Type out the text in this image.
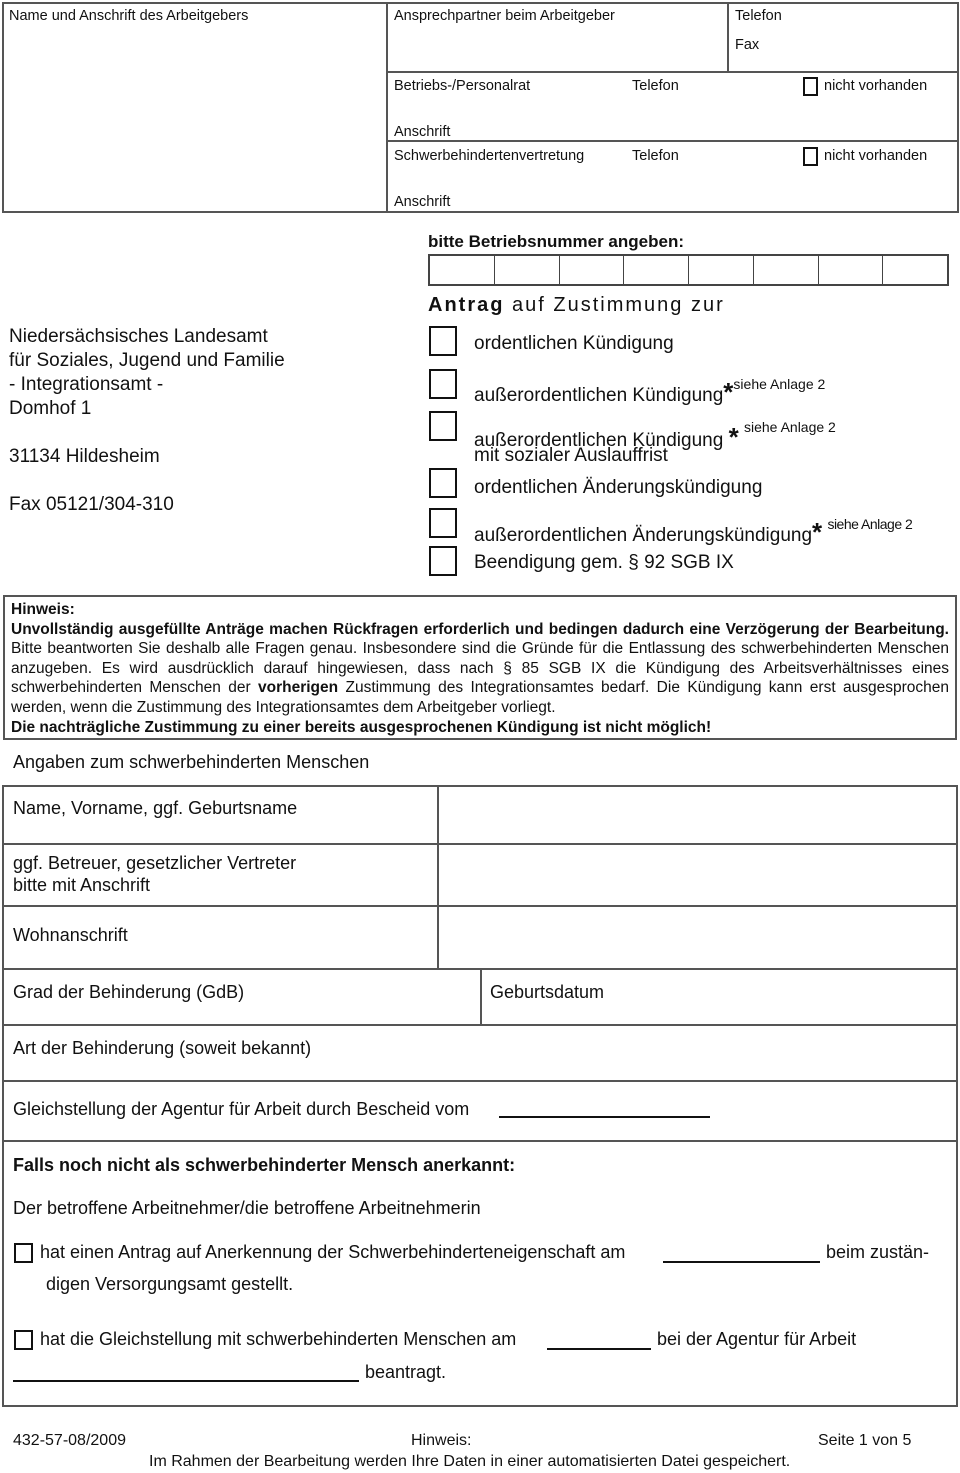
Name und Anschrift des Arbeitgebers	Ansprechpartner beim Arbeitgeber	Telefon
Fax
Betriebs-/Personalrat	Telefon	nicht vorhanden
Anschrift
Schwerbehindertenvertretung	Telefon	nicht vorhanden
Anschrift
bitte Betriebsnummer angeben:
Niedersächsisches Landesamt
für Soziales, Jugend und Familie
- Integrationsamt -
Domhof 1
31134 Hildesheim
Fax 05121/304-310
Antrag auf Zustimmung zur
ordentlichen Kündigung
außerordentlichen Kündigung*$^{siehe Anlage 2}$
außerordentlichen Kündigung * $^{siehe Anlage 2}$
mit sozialer Auslauffrist
ordentlichen Änderungskündigung
außerordentlichen Änderungskündigung* $^{siehe Anlage 2}$
Beendigung gem. § 92 SGB IX

Hinweis:

Unvollständig ausgefüllte Anträge machen Rückfragen erforderlich und bedingen dadurch eine Verzögerung der Bearbeitung. Bitte beantworten Sie deshalb alle Fragen genau. Insbesondere sind die Gründe für die Entlassung des schwerbehinderten Menschen anzugeben. Es wird ausdrücklich darauf hingewiesen, dass nach § 85 SGB IX die Kündigung des Arbeitsverhältnisses eines schwerbehinderten Menschen der vorherigen Zustimmung des Integrationsamtes bedarf. Die Kündigung kann erst ausgesprochen werden, wenn die Zustimmung des Integrationsamtes dem Arbeitgeber vorliegt.

Die nachträgliche Zustimmung zu einer bereits ausgesprochenen Kündigung ist nicht möglich!

Angaben zum schwerbehinderten Menschen
Name, Vorname, ggf. Geburtsname
ggf. Betreuer, gesetzlicher Vertreter
bitte mit Anschrift
Wohnanschrift
Grad der Behinderung (GdB)	Geburtsdatum
Art der Behinderung (soweit bekannt)
Gleichstellung der Agentur für Arbeit durch Bescheid vom
Falls noch nicht als schwerbehinderter Mensch anerkannt:
Der betroffene Arbeitnehmer/die betroffene Arbeitnehmerin
hat einen Antrag auf Anerkennung der Schwerbehinderteneigenschaft am	beim zustän-
digen Versorgungsamt gestellt.
hat die Gleichstellung mit schwerbehinderten Menschen am	bei der Agentur für Arbeit
beantragt.
432-57-08/2009	Hinweis:	Seite 1 von 5
Im Rahmen der Bearbeitung werden Ihre Daten in einer automatisierten Datei gespeichert.
